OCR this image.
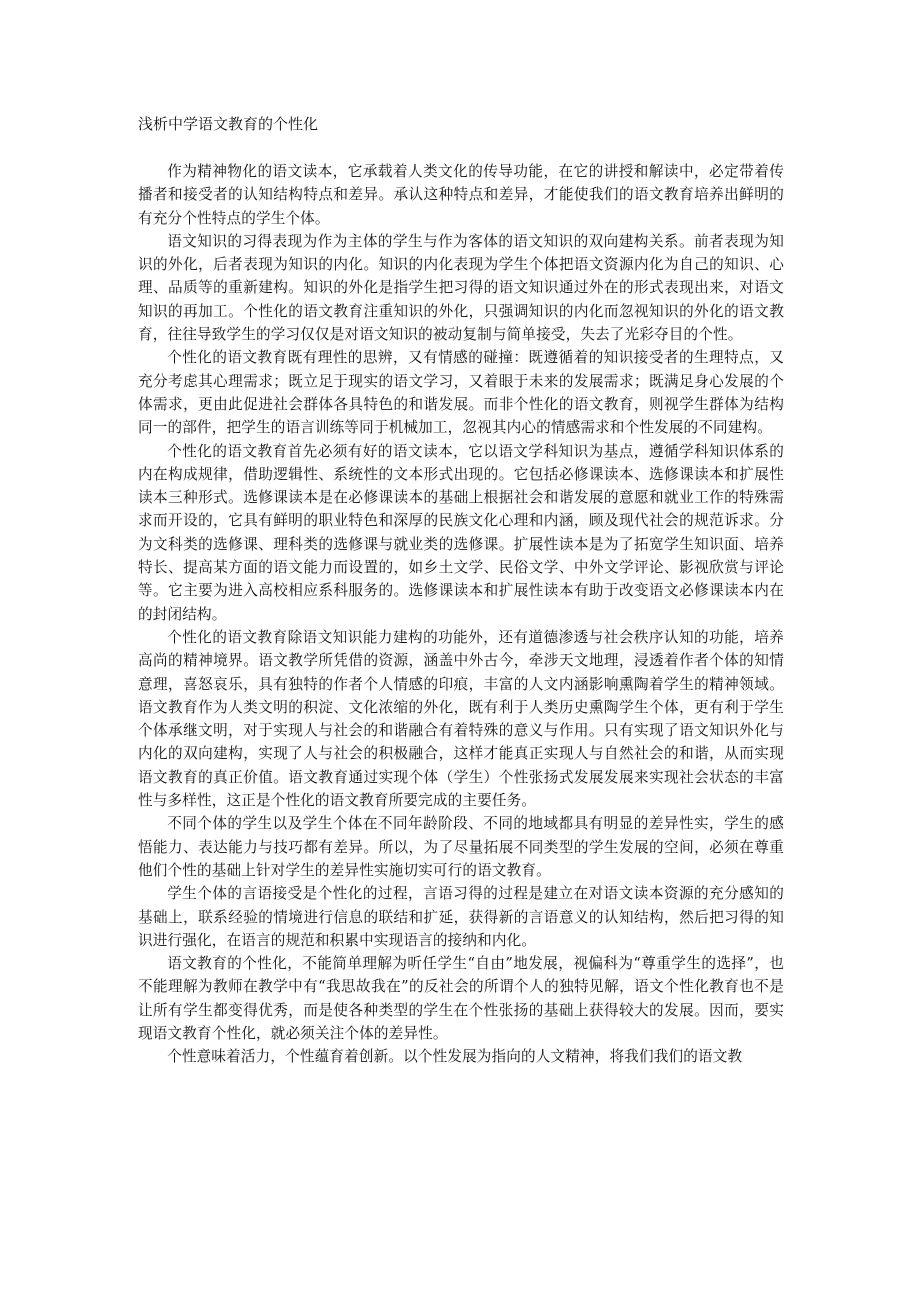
浅析中学语文教育的个性化

作为精神物化的语文读本，它承载着人类文化的传导功能，在它的讲授和解读中，必定带着传播者和接受者的认知结构特点和差异。承认这种特点和差异，才能使我们的语文教育培养出鲜明的有充分个性特点的学生个体。

语文知识的习得表现为作为主体的学生与作为客体的语文知识的双向建构关系。前者表现为知识的外化，后者表现为知识的内化。知识的内化表现为学生个体把语文资源内化为自己的知识、心理、品质等的重新建构。知识的外化是指学生把习得的语文知识通过外在的形式表现出来，对语文知识的再加工。个性化的语文教育注重知识的外化，只强调知识的内化而忽视知识的外化的语文教育，往往导致学生的学习仅仅是对语文知识的被动复制与简单接受，失去了光彩夺目的个性。

个性化的语文教育既有理性的思辨，又有情感的碰撞：既遵循着的知识接受者的生理特点，又充分考虑其心理需求；既立足于现实的语文学习，又着眼于未来的发展需求；既满足身心发展的个体需求，更由此促进社会群体各具特色的和谐发展。而非个性化的语文教育，则视学生群体为结构同一的部件，把学生的语言训练等同于机械加工，忽视其内心的情感需求和个性发展的不同建构。

个性化的语文教育首先必须有好的语文读本，它以语文学科知识为基点，遵循学科知识体系的内在构成规律，借助逻辑性、系统性的文本形式出现的。它包括必修课读本、选修课读本和扩展性读本三种形式。选修课读本是在必修课读本的基础上根据社会和谐发展的意愿和就业工作的特殊需求而开设的，它具有鲜明的职业特色和深厚的民族文化心理和内涵，顾及现代社会的规范诉求。分为文科类的选修课、理科类的选修课与就业类的选修课。扩展性读本是为了拓宽学生知识面、培养特长、提高某方面的语文能力而设置的，如乡土文学、民俗文学、中外文学评论、影视欣赏与评论等。它主要为进入高校相应系科服务的。选修课读本和扩展性读本有助于改变语文必修课读本内在的封闭结构。

个性化的语文教育除语文知识能力建构的功能外，还有道德渗透与社会秩序认知的功能，培养高尚的精神境界。语文教学所凭借的资源，涵盖中外古今，牵涉天文地理，浸透着作者个体的知情意理，喜怒哀乐，具有独特的作者个人情感的印痕，丰富的人文内涵影响熏陶着学生的精神领域。语文教育作为人类文明的积淀、文化浓缩的外化，既有利于人类历史熏陶学生个体，更有利于学生个体承继文明，对于实现人与社会的和谐融合有着特殊的意义与作用。只有实现了语文知识外化与内化的双向建构，实现了人与社会的积极融合，这样才能真正实现人与自然社会的和谐，从而实现语文教育的真正价值。语文教育通过实现个体（学生）个性张扬式发展发展来实现社会状态的丰富性与多样性，这正是个性化的语文教育所要完成的主要任务。

不同个体的学生以及学生个体在不同年龄阶段、不同的地域都具有明显的差异性实，学生的感悟能力、表达能力与技巧都有差异。所以，为了尽量拓展不同类型的学生发展的空间，必须在尊重他们个性的基础上针对学生的差异性实施切实可行的语文教育。

学生个体的言语接受是个性化的过程，言语习得的过程是建立在对语文读本资源的充分感知的基础上，联系经验的情境进行信息的联结和扩延，获得新的言语意义的认知结构，然后把习得的知识进行强化，在语言的规范和积累中实现语言的接纳和内化。

语文教育的个性化，不能简单理解为听任学生“自由”地发展，视偏科为“尊重学生的选择”，也不能理解为教师在教学中有“我思故我在”的反社会的所谓个人的独特见解，语文个性化教育也不是让所有学生都变得优秀，而是使各种类型的学生在个性张扬的基础上获得较大的发展。因而，要实现语文教育个性化，就必须关注个体的差异性。

个性意味着活力，个性蕴育着创新。以个性发展为指向的人文精神，将我们我们的语文教
